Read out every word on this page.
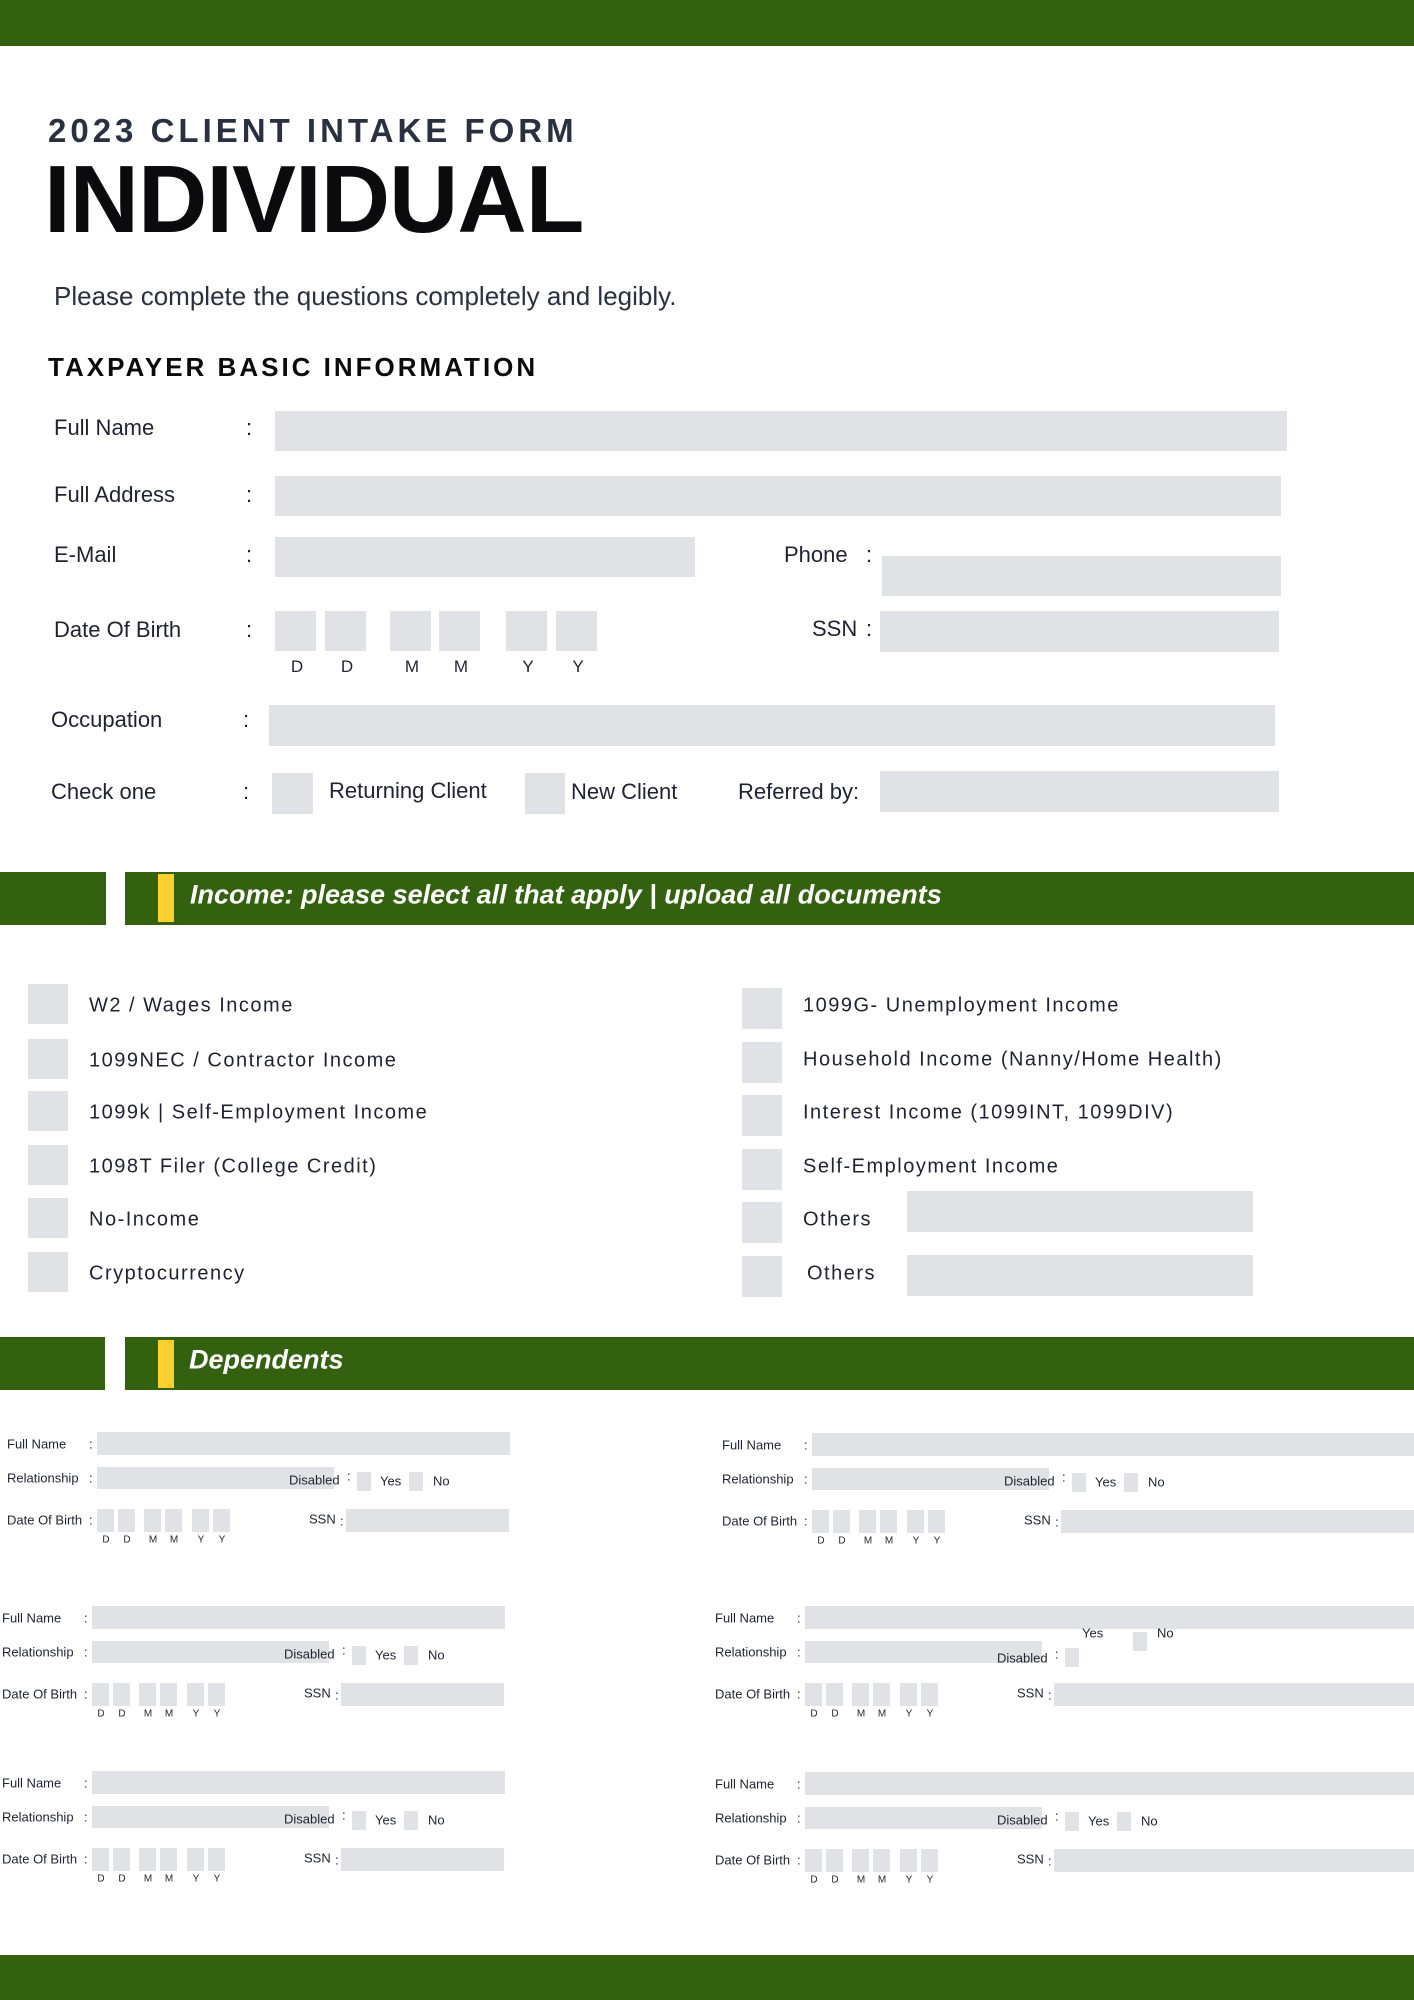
2023 CLIENT INTAKE FORM
INDIVIDUAL
Please complete the questions completely and legibly.
TAXPAYER BASIC INFORMATION
Full Name	:
Full Address	:
E-Mail	:	Phone :
Date Of Birth	:
D D	M M	Y Y
SSN :
Occupation	:
Check one	:	Returning Client	New Client	Referred by:
Income: please select all that apply | upload all documents
W2 / Wages Income
1099NEC / Contractor Income
1099k | Self-Employment Income
1098T Filer (College Credit)
No-Income
Cryptocurrency
1099G- Unemployment Income
Household Income (Nanny/Home Health)
Interest Income (1099INT, 1099DIV)
Self-Employment Income
Others
Others
Dependents
Full Name :
Relationship :	Disabled : Yes No
Date Of Birth :
D D M M Y Y
SSN :
Full Name :
Relationship :	Disabled : Yes No
Date Of Birth :
D D M M Y Y
SSN :
Full Name :
Relationship :	Disabled : Yes No
Date Of Birth :
D D M M Y Y
SSN :
Full Name :
Relationship :	Disabled :
Yes	No
Date Of Birth :
D D M M Y Y
SSN :
Full Name :
Relationship :	Disabled : Yes No
Date Of Birth :
D D M M Y Y
SSN :
Full Name :
Relationship :	Disabled : Yes No
Date Of Birth :
D D M M Y Y
SSN :
